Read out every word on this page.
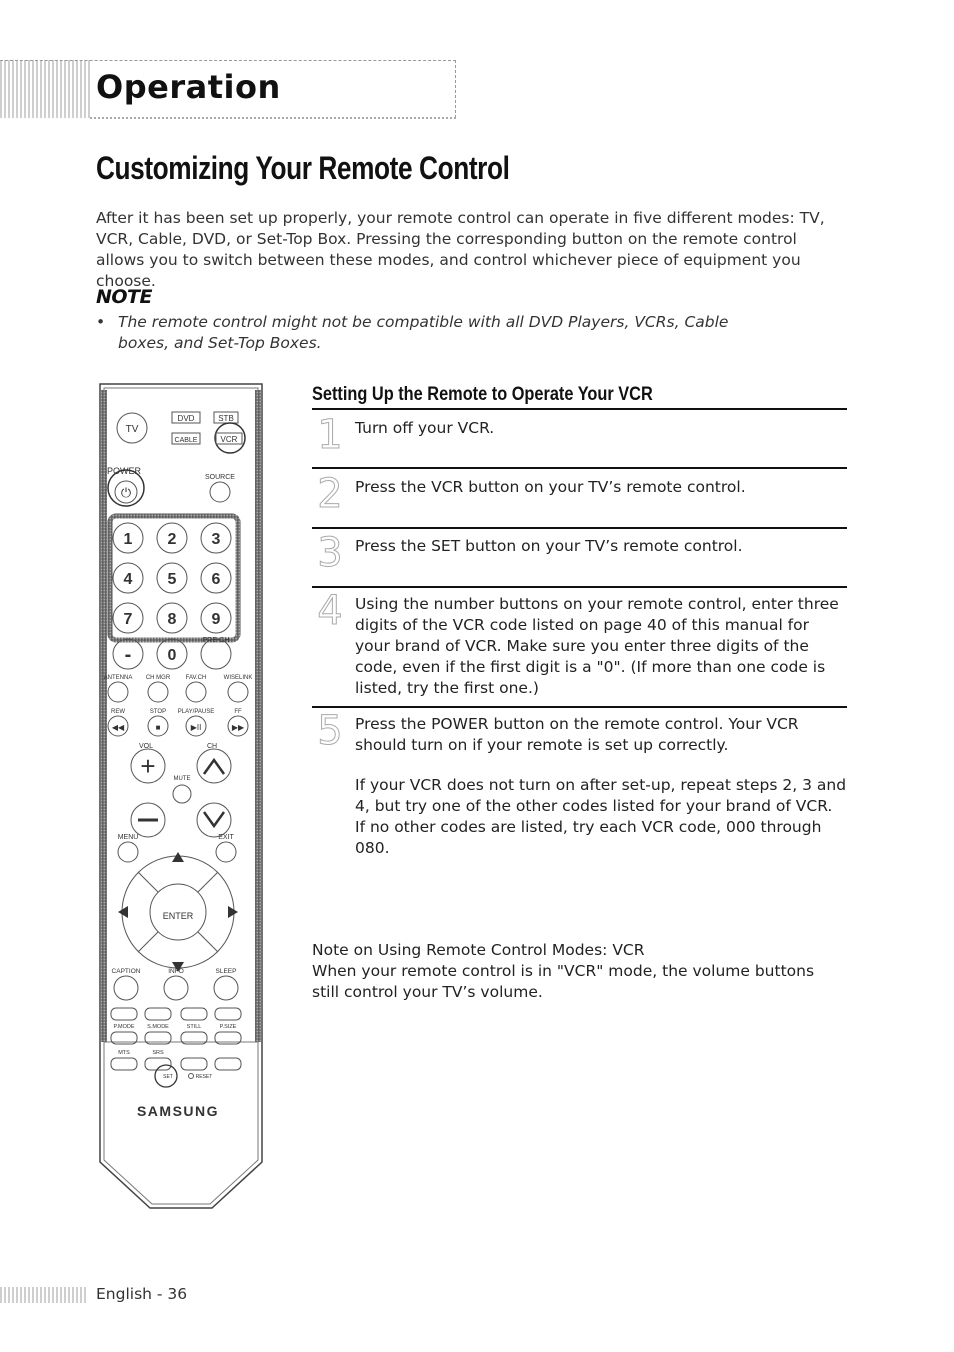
Operation
Customizing Your Remote Control
After it has been set up properly, your remote control can operate in five different modes: TV, VCR, Cable, DVD, or Set-Top Box. Pressing the corresponding button on the remote control allows you to switch between these modes, and control whichever piece of equipment you choose.
NOTE
• The remote control might not be compatible with all DVD Players, VCRs, Cable boxes, and Set-Top Boxes.
TV
DVD
CABLE
STB
VCR
POWER
⏻
SOURCE
1 2 3
4 5 6
7 8 9
0
-
PRE-CH
ANTENNA CH MGR	FAV.CH	WISELINK
REW	STOP PLAY/PAUSE	FF
◀◀	■	▶II	▶▶
VOL	CH
+	MUTE
MENU	EXIT
ENTER
CAPTION	INFO	SLEEP
P.MODE S.MODE	STILL	P.SIZE
MTS	SRS
SET	RESET
SAMSUNG
Setting Up the Remote to Operate Your VCR
1 Turn off your VCR.
2 Press the VCR button on your TV’s remote control.
3 Press the SET button on your TV’s remote control.
4 Using the number buttons on your remote control, enter three digits of the VCR code listed on page 40 of this manual for your brand of VCR. Make sure you enter three digits of the code, even if the first digit is a "0". (If more than one code is listed, try the first one.)
5 Press the POWER button on the remote control. Your VCR should turn on if your remote is set up correctly.
If your VCR does not turn on after set-up, repeat steps 2, 3 and 4, but try one of the other codes listed for your brand of VCR.
If no other codes are listed, try each VCR code, 000 through 080.
Note on Using Remote Control Modes: VCR
When your remote control is in "VCR" mode, the volume buttons still control your TV’s volume.
English - 36
